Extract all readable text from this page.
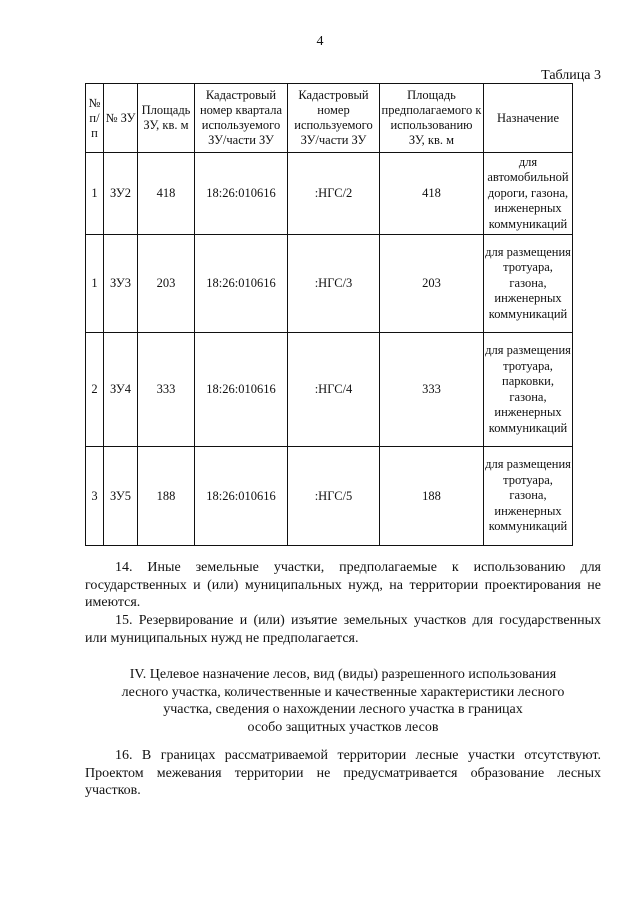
4
Таблица 3
№ п/п	№ ЗУ	Площадь ЗУ, кв. м	Кадастровый номер квартала используемого ЗУ/части ЗУ	Кадастровый номер используемого ЗУ/части ЗУ	Площадь предполагаемого к использованию ЗУ, кв. м	Назначение
1	ЗУ2	418	18:26:010616	:НГС/2	418	для автомобильной дороги, газона, инженерных коммуникаций
1	ЗУ3	203	18:26:010616	:НГС/3	203	для размещения тротуара, газона, инженерных коммуникаций
2	ЗУ4	333	18:26:010616	:НГС/4	333	для размещения тротуара, парковки, газона, инженерных коммуникаций
3	ЗУ5	188	18:26:010616	:НГС/5	188	для размещения тротуара, газона, инженерных коммуникаций

14. Иные земельные участки, предполагаемые к использованию для государственных и (или) муниципальных нужд, на территории проектирования не имеются.

15. Резервирование и (или) изъятие земельных участков для государственных или муниципальных нужд не предполагается.

IV. Целевое назначение лесов, вид (виды) разрешенного использования
лесного участка, количественные и качественные характеристики лесного
участка, сведения о нахождении лесного участка в границах
особо защитных участков лесов

16. В границах рассматриваемой территории лесные участки отсутствуют. Проектом межевания территории не предусматривается образование лесных участков.
